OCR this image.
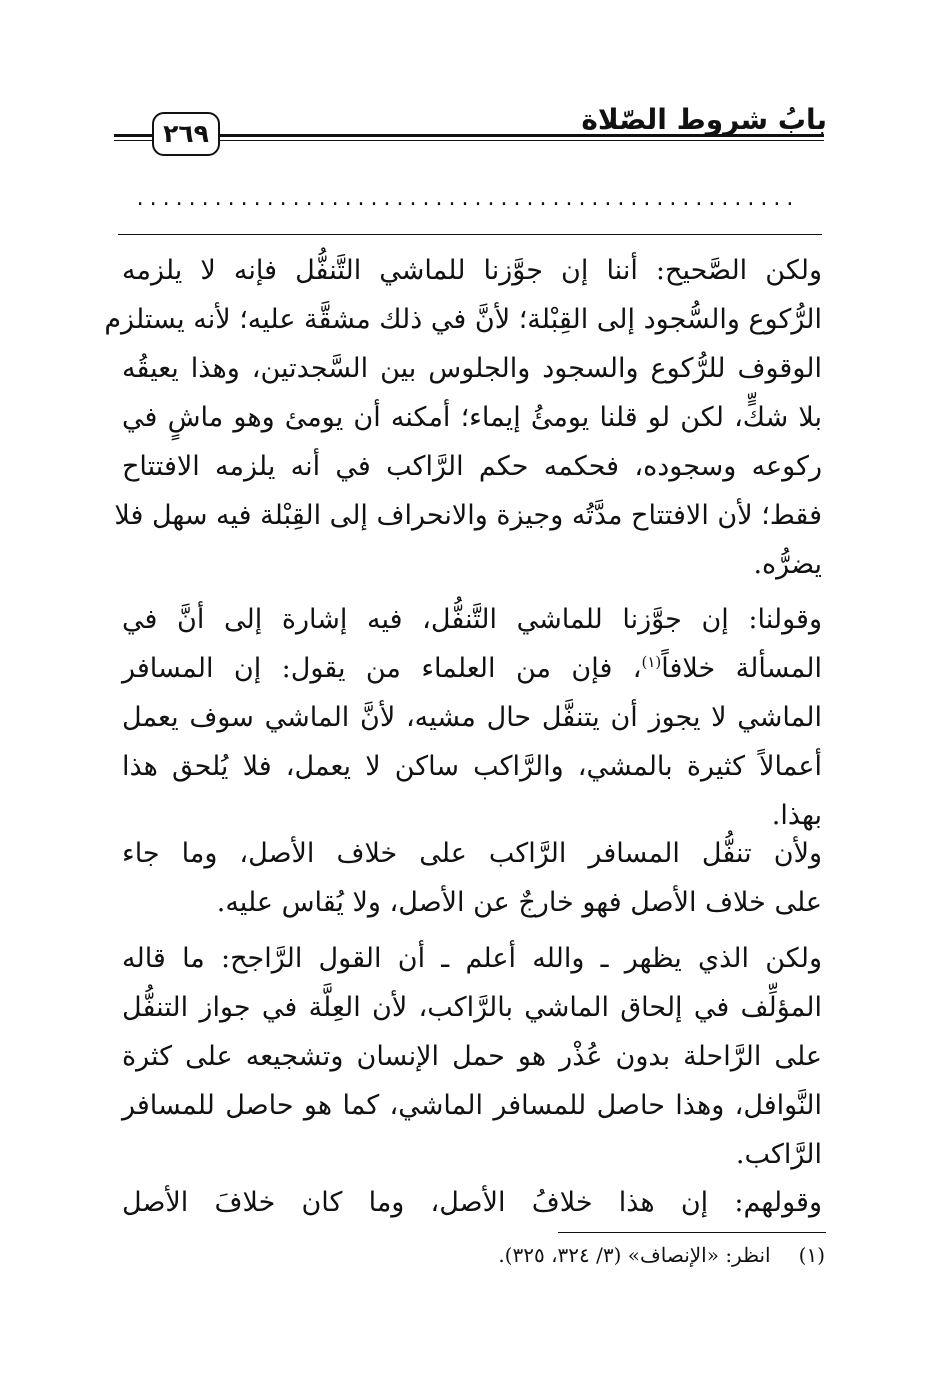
بابُ شروط الصّلاة
٢٦٩
...................................................
ولكن الصَّحيح: أننا إن جوَّزنا للماشي التَّنفُّل فإنه لا يلزمه
الرُّكوع والسُّجود إلى القِبْلة؛ لأنَّ في ذلك مشقَّة عليه؛ لأنه يستلزم
الوقوف للرُّكوع والسجود والجلوس بين السَّجدتين، وهذا يعيقُه
بلا شكٍّ، لكن لو قلنا يومئُ إيماء؛ أمكنه أن يومئ وهو ماشٍ في
ركوعه وسجوده، فحكمه حكم الرَّاكب في أنه يلزمه الافتتاح
فقط؛ لأن الافتتاح مدَّتُه وجيزة والانحراف إلى القِبْلة فيه سهل فلا
يضرُّه.
وقولنا: إن جوَّزنا للماشي التَّنفُّل، فيه إشارة إلى أنَّ في
المسألة خلافاً$^{(١)}$، فإن من العلماء من يقول: إن المسافر
الماشي لا يجوز أن يتنفَّل حال مشيه، لأنَّ الماشي سوف يعمل
أعمالاً كثيرة بالمشي، والرَّاكب ساكن لا يعمل، فلا يُلحق هذا
بهذا.
ولأن تنفُّل المسافر الرَّاكب على خلاف الأصل، وما جاء
على خلاف الأصل فهو خارجٌ عن الأصل، ولا يُقاس عليه.
ولكن الذي يظهر ـ والله أعلم ـ أن القول الرَّاجح: ما قاله
المؤلِّف في إلحاق الماشي بالرَّاكب، لأن العِلَّة في جواز التنفُّل
على الرَّاحلة بدون عُذْر هو حمل الإنسان وتشجيعه على كثرة
النَّوافل، وهذا حاصل للمسافر الماشي، كما هو حاصل للمسافر
الرَّاكب.
وقولهم: إن هذا خلافُ الأصل، وما كان خلافَ الأصل
(١)انظر: «الإنصاف» (٣/ ٣٢٤، ٣٢٥).
